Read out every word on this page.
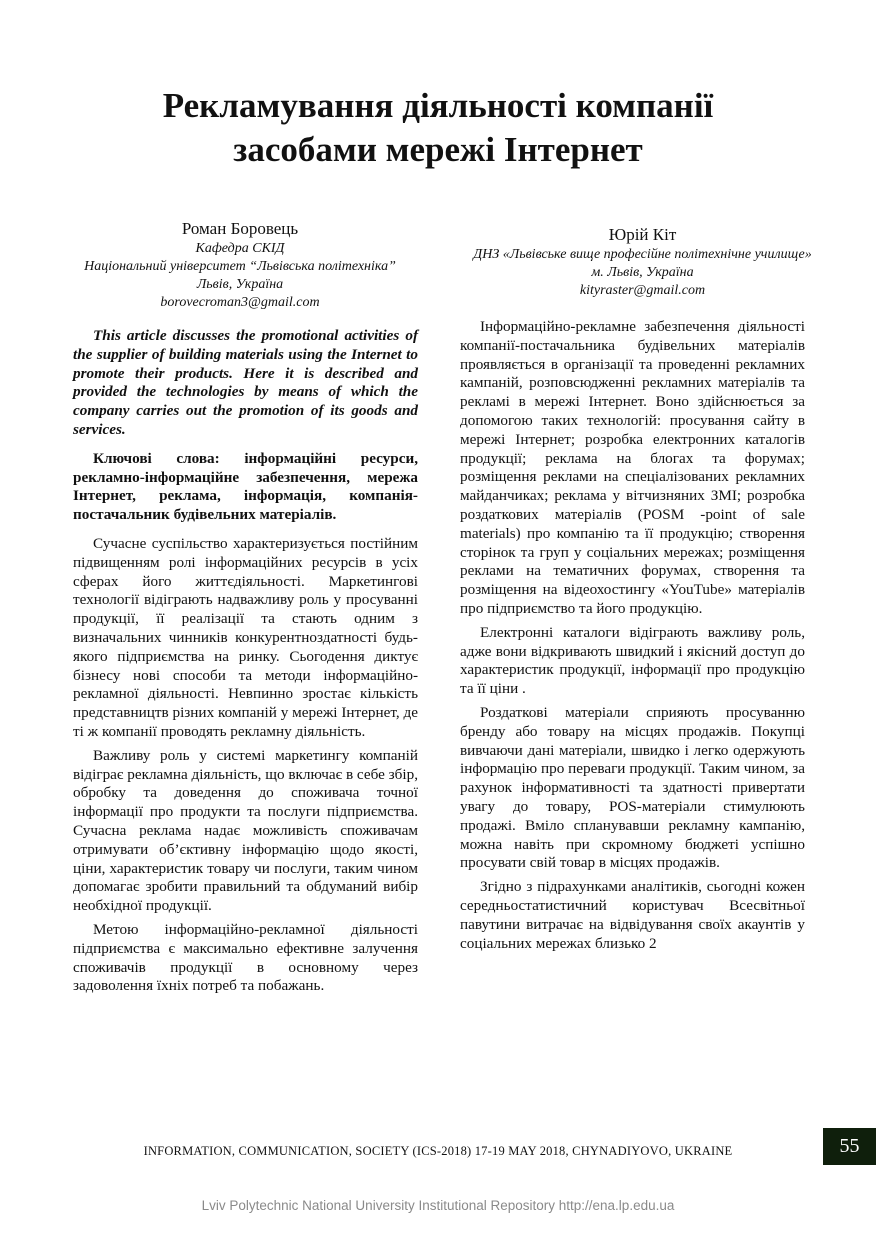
Рекламування діяльності компанії
засобами мережі Інтернет
Роман Боровець
Кафедра СКІД
Національний університет “Львівська політехніка”
Львів, Україна
borovecroman3@gmail.com
Юрій Кіт
ДНЗ «Львівське вище професійне політехнічне училище»
м. Львів, Україна
kityraster@gmail.com

This article discusses the promotional activities of the supplier of building materials using the Internet to promote their products. Here it is described and provided the technologies by means of which the company carries out the promotion of its goods and services.

Ключові слова: інформаційні ресурси, рекламно-інформаційне забезпечення, мережа Інтернет, реклама, інформація, компанія-постачальник будівельних матеріалів.

Сучасне суспільство характеризується постійним підвищенням ролі інформаційних ресурсів в усіх сферах його життєдіяльності. Маркетингові технології відіграють надважливу роль у просуванні продукції, її реалізації та стають одним з визначальних чинників конкурентноздатності будь-якого підприємства на ринку. Сьогодення диктує бізнесу нові способи та методи інформаційно-рекламної діяльності. Невпинно зростає кількість представництв різних компаній у мережі Інтернет, де ті ж компанії проводять рекламну діяльність.

Важливу роль у системі маркетингу компаній відіграє рекламна діяльність, що включає в себе збір, обробку та доведення до споживача точної інформації про продукти та послуги підприємства. Сучасна реклама надає можливість споживачам отримувати об’єктивну інформацію щодо якості, ціни, характеристик товару чи послуги, таким чином допомагає зробити правильний та обдуманий вибір необхідної продукції.

Метою інформаційно-рекламної діяльності підприємства є максимально ефективне залучення споживачів продукції в основному через задоволення їхніх потреб та побажань.

Інформаційно-рекламне забезпечення діяльності компанії-постачальника будівельних матеріалів проявляється в організації та проведенні рекламних кампаній, розповсюдженні рекламних матеріалів та рекламі в мережі Інтернет. Воно здійснюється за допомогою таких технологій: просування сайту в мережі Інтернет; розробка електронних каталогів продукції; реклама на блогах та форумах; розміщення реклами на спеціалізованих рекламних майданчиках; реклама у вітчизняних ЗМІ; розробка роздаткових матеріалів (POSM -point of sale materials) про компанію та її продукцію; створення сторінок та груп у соціальних мережах; розміщення реклами на тематичних форумах, створення та розміщення на відеохостингу «YouTube» матеріалів про підприємство та його продукцію.

Електронні каталоги відіграють важливу роль, адже вони відкривають швидкий і якісний доступ до характеристик продукції, інформації про продукцію та її ціни .

Роздаткові матеріали сприяють просуванню бренду або товару на місцях продажів. Покупці вивчаючи дані матеріали, швидко і легко одержують інформацію про переваги продукції. Таким чином, за рахунок інформативності та здатності привертати увагу до товару, POS-матеріали стимулюють продажі. Вміло спланувавши рекламну кампанію, можна навіть при скромному бюджеті успішно просувати свій товар в місцях продажів.

Згідно з підрахунками аналітиків, сьогодні кожен середньостатистичний користувач Всесвітньої павутини витрачає на відвідування своїх акаунтів у соціальних мережах близько 2

INFORMATION, COMMUNICATION, SOCIETY (ICS-2018) 17-19 MAY 2018, CHYNADIYOVO, UKRAINE	55
Lviv Polytechnic National University Institutional Repository http://ena.lp.edu.ua
